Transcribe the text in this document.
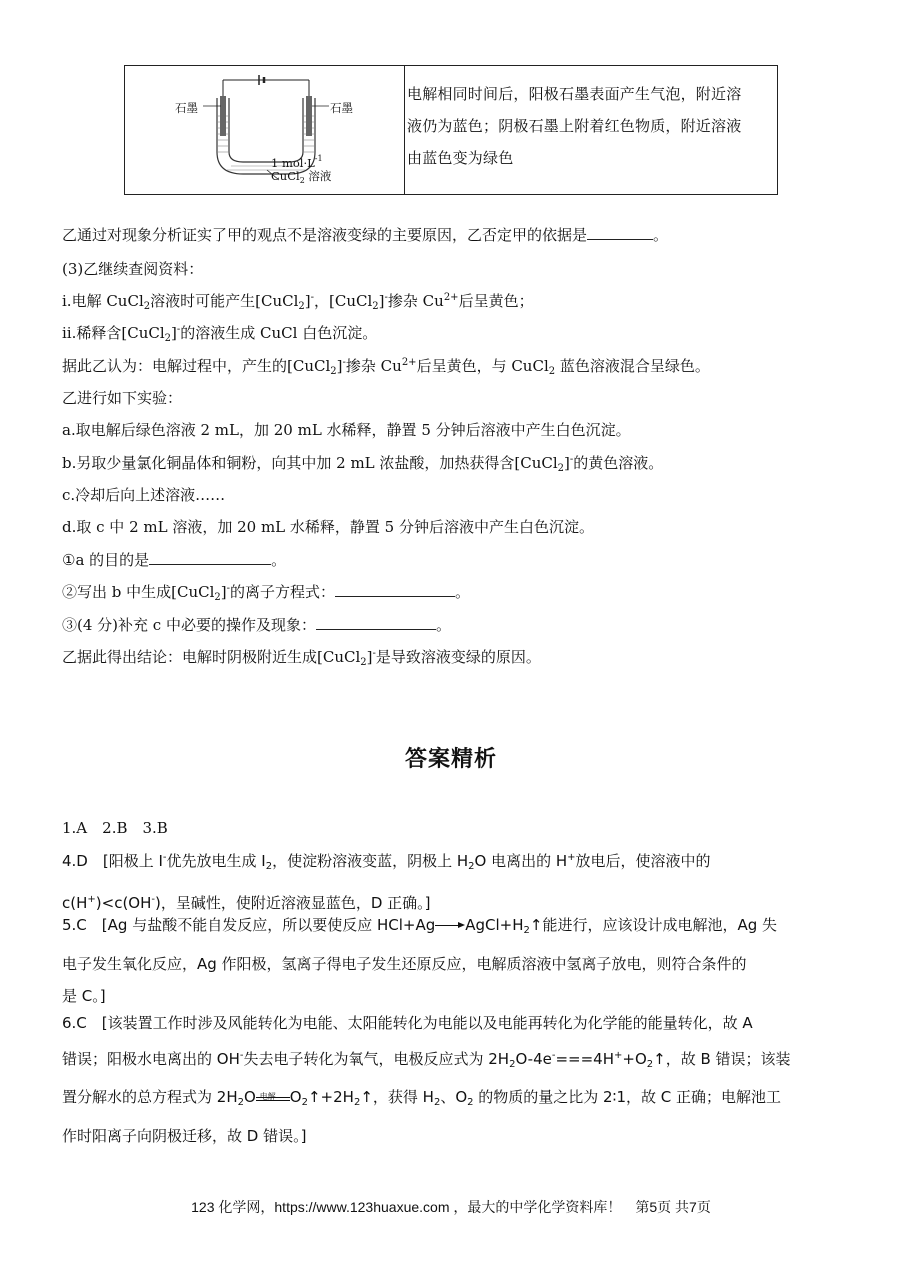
石墨	石墨
1 $mol\cdot L^{-1}$
CuCl$_2$ 溶液
电解相同时间后，阳极石墨表面产生气泡，附近溶
液仍为蓝色；阴极石墨上附着红色物质，附近溶液
由蓝色变为绿色
乙通过对现象分析证实了甲的观点不是溶液变绿的主要原因，乙否定甲的依据是	。
(3)乙继续查阅资料：
ⅰ.电解 CuCl$_2$溶液时可能产生[CuCl$_2$]-，[CuCl$_2$]-掺杂 $Cu^{2+}$后呈黄色；
ⅱ.稀释含[CuCl$_2$]-的溶液生成 CuCl 白色沉淀。
据此乙认为：电解过程中，产生的[CuCl$_2$]-掺杂 $Cu^{2+}$后呈黄色，与 CuCl$_2$ 蓝色溶液混合呈绿色。
乙进行如下实验：
a.取电解后绿色溶液 2 mL，加 20 mL 水稀释，静置 5 分钟后溶液中产生白色沉淀。
b.另取少量氯化铜晶体和铜粉，向其中加 2 mL 浓盐酸，加热获得含[CuCl$_2$]-的黄色溶液。
c.冷却后向上述溶液……
d.取 c 中 2 mL 溶液，加 20 mL 水稀释，静置 5 分钟后溶液中产生白色沉淀。
①a 的目的是	。
②写出 b 中生成[CuCl$_2$]-的离子方程式：	。
③(4 分)补充 c 中必要的操作及现象：	。
乙据此得出结论：电解时阴极附近生成[CuCl$_2$]-是导致溶液变绿的原因。
答案精析
1.A　2.B　3.B
4.D　[阳极上 I-优先放电生成 $I_2$，使淀粉溶液变蓝，阴极上 $H_2O$ 电离出的 H+放电后，使溶液中的
c(H+)<c(OH-)，呈碱性，使附近溶液显蓝色，D 正确。]
5.C　[Ag 与盐酸不能自发反应，所以要使反应 HCl+Ag $AgCl+H_2↑$能进行，应该设计成电解池，Ag 失
电子发生氧化反应，Ag 作阳极，氢离子得电子发生还原反应，电解质溶液中氢离子放电，则符合条件的
是 C。]
6.C　[该装置工作时涉及风能转化为电能、太阳能转化为电能以及电能再转化为化学能的能量转化，故 A
错误；阳极水电离出的 OH-失去电子转化为氧气，电极反应式为 $2H_2O-4e^-===4H^++O_2↑$，故 B 错误；该装
置分解水的总方程式为 $2H_2O$ $O_2↑+2H_2↑$，获得 $H_2$、$O_2$ 的物质的量之比为 2∶1，故 C 正确；电解池工
作时阳离子向阴极迁移，故 D 错误。]
123 化学网，https://www.123huaxue.com ，最大的中学化学资料库！　第5页 共7页
